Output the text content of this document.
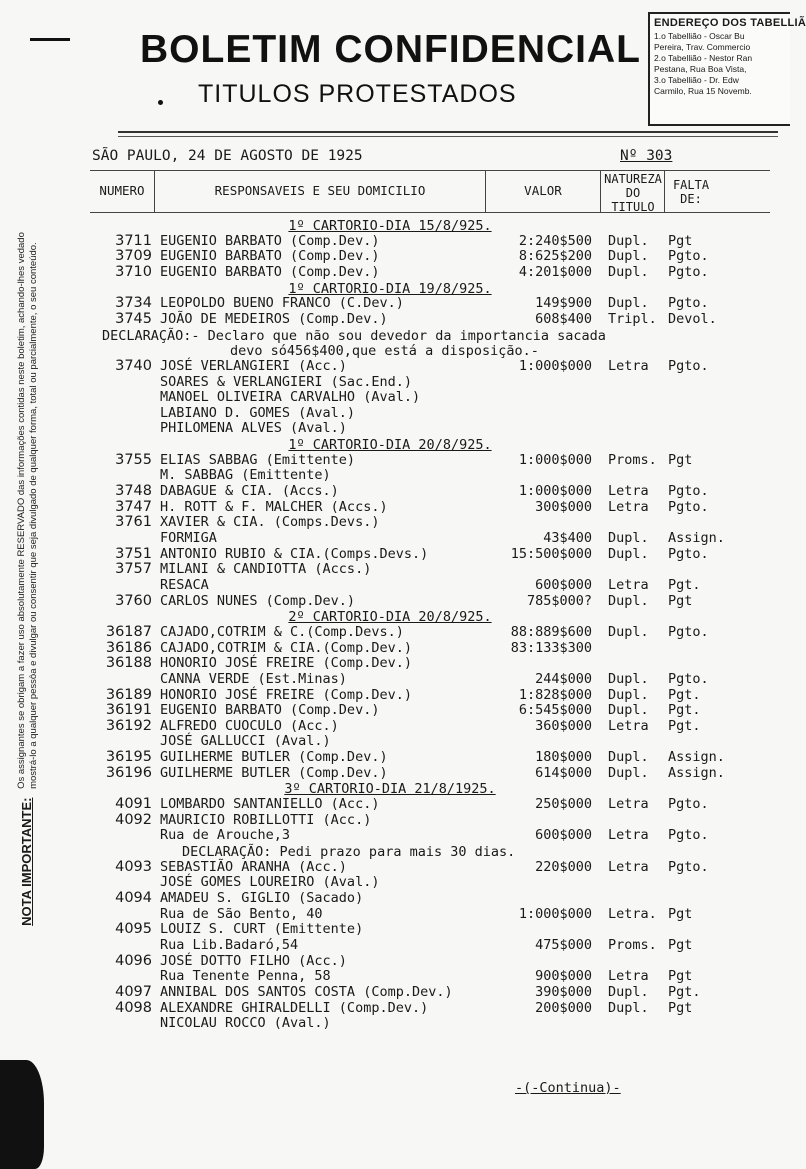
BOLETIM CONFIDENCIAL
TITULOS PROTESTADOS
ENDEREÇO DOS TABELLIÃ
1.o Tabellião - Oscar Bu
Pereira, Trav. Commercio
2.o Tabellião - Nestor Ran
Pestana, Rua Boa Vista,
3.o Tabellião - Dr. Edw
Carmilo, Rua 15 Novemb.
NOTA IMPORTANTE: Os assignantes se obrigam a fazer uso absolutamente RESERVADO das informações contidas neste boletim, achando-lhes vedado
mostrá-lo a qualquer pessôa e divulgar ou consentir que seja divulgado de qualquer forma, total ou parcialmente, o seu conteúdo.
SÃO PAULO, 24 DE AGOSTO DE 1925	Nº 303
NUMERO	RESPONSAVEIS E SEU DOMICILIO	VALOR
NATUREZA DO TITULO
FALTA DE:
1º CARTORIO-DIA 15/8/925.
3711 EUGENIO BARBATO (Comp.Dev.)	2:240$500 Dupl. Pgt
3709 EUGENIO BARBATO (Comp.Dev.)	8:625$200 Dupl. Pgto.
3710 EUGENIO BARBATO (Comp.Dev.)	4:201$000 Dupl. Pgto.
1º CARTORIO-DIA 19/8/925.
3734 LEOPOLDO BUENO FRANCO (C.Dev.)	149$900 Dupl. Pgto.
3745 JOÃO DE MEDEIROS (Comp.Dev.)	608$400 Tripl. Devol.
DECLARAÇÃO:- Declaro que não sou devedor da importancia sacada
devo só456$400,que está a disposição.-
3740 JOSÉ VERLANGIERI (Acc.)	1:000$000 Letra Pgto.
SOARES & VERLANGIERI (Sac.End.)
MANOEL OLIVEIRA CARVALHO (Aval.)
LABIANO D. GOMES (Aval.)
PHILOMENA ALVES (Aval.)
1º CARTORIO-DIA 20/8/925.
3755 ELIAS SABBAG (Emittente)	1:000$000 Proms. Pgt
M. SABBAG (Emittente)
3748 DABAGUE & CIA. (Accs.)	1:000$000 Letra Pgto.
3747 H. ROTT & F. MALCHER (Accs.)	300$000 Letra Pgto.
3761 XAVIER & CIA. (Comps.Devs.)
FORMIGA	43$400 Dupl. Assign.
3751 ANTONIO RUBIO & CIA.(Comps.Devs.)	15:500$000 Dupl. Pgto.
3757 MILANI & CANDIOTTA (Accs.)
RESACA	600$000 Letra Pgt.
3760 CARLOS NUNES (Comp.Dev.)	785$000? Dupl. Pgt
2º CARTORIO-DIA 20/8/925.
36187 CAJADO,COTRIM & C.(Comp.Devs.)	88:889$600 Dupl. Pgto.
36186 CAJADO,COTRIM & CIA.(Comp.Dev.)	83:133$300
36188 HONORIO JOSÉ FREIRE (Comp.Dev.)
CANNA VERDE (Est.Minas)	244$000 Dupl. Pgto.
36189 HONORIO JOSÉ FREIRE (Comp.Dev.)	1:828$000 Dupl. Pgt.
36191 EUGENIO BARBATO (Comp.Dev.)	6:545$000 Dupl. Pgt.
36192 ALFREDO CUOCULO (Acc.)	360$000 Letra Pgt.
JOSÉ GALLUCCI (Aval.)
36195 GUILHERME BUTLER (Comp.Dev.)	180$000 Dupl. Assign.
36196 GUILHERME BUTLER (Comp.Dev.)	614$000 Dupl. Assign.
3º CARTORIO-DIA 21/8/1925.
4091 LOMBARDO SANTANIELLO (Acc.)	250$000 Letra Pgto.
4092 MAURICIO ROBILLOTTI (Acc.)
Rua de Arouche,3	600$000 Letra Pgto.
DECLARAÇÃO: Pedi prazo para mais 30 dias.
4093 SEBASTIÃO ARANHA (Acc.)	220$000 Letra Pgto.
JOSÉ GOMES LOUREIRO (Aval.)
4094 AMADEU S. GIGLIO (Sacado)
Rua de São Bento, 40	1:000$000 Letra. Pgt
4095 LOUIZ S. CURT (Emittente)
Rua Lib.Badaró,54	475$000 Proms. Pgt
4096 JOSÉ DOTTO FILHO (Acc.)
Rua Tenente Penna, 58	900$000 Letra Pgt
4097 ANNIBAL DOS SANTOS COSTA (Comp.Dev.)	390$000 Dupl. Pgt.
4098 ALEXANDRE GHIRALDELLI (Comp.Dev.)	200$000 Dupl. Pgt
NICOLAU ROCCO (Aval.)
-(-Continua)-
